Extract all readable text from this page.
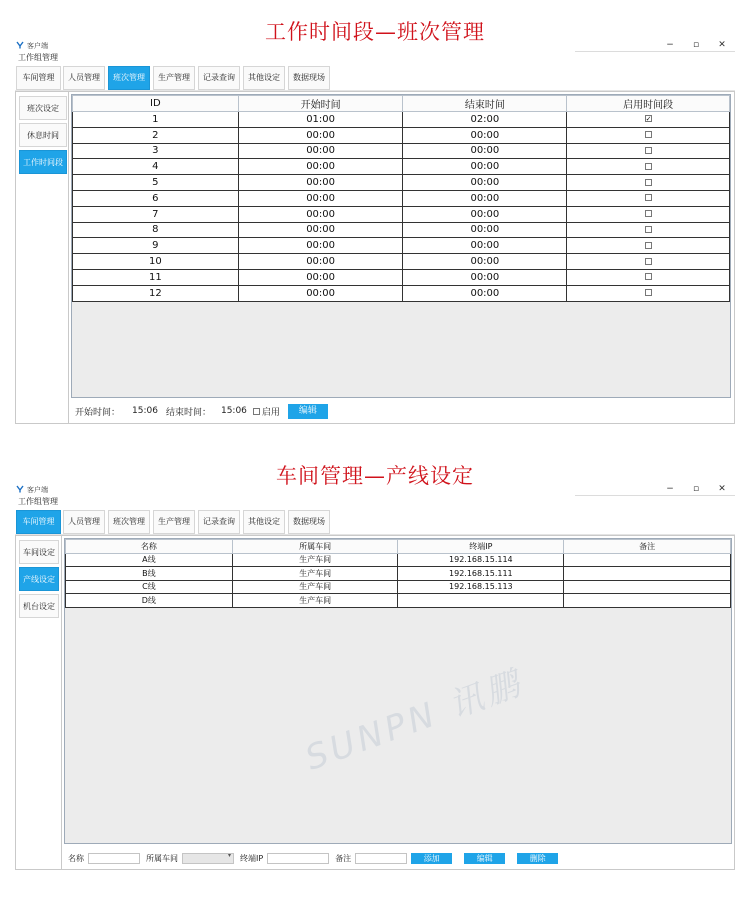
工作时间段—班次管理
客户端	−	▫	✕
工作组管理
车间管理	人员管理	班次管理	生产管理	记录查询	其他设定	数据现场
班次设定
休息时间
工作时间段
ID	开始时间	结束时间	启用时间段
1	01:00	02:00	✓
2	00:00	00:00	
3	00:00	00:00	
4	00:00	00:00	
5	00:00	00:00	
6	00:00	00:00	
7	00:00	00:00	
8	00:00	00:00	
9	00:00	00:00	
10	00:00	00:00	
11	00:00	00:00	
12	00:00	00:00	
开始时间： 15:06 结束时间： 15:06 启用	编辑
车间管理—产线设定
客户端	−	▫	✕
工作组管理
车间管理	人员管理	班次管理	生产管理	记录查询	其他设定	数据现场
车间设定
产线设定
机台设定
名称	所属车间	终端IP	备注
A线	生产车间	192.168.15.114	
B线	生产车间	192.168.15.111	
C线	生产车间	192.168.15.113	
D线	生产车间		
SUNPN 讯鹏
名称	所属车间	▾ 终端IP	备注	添加	编辑	删除
